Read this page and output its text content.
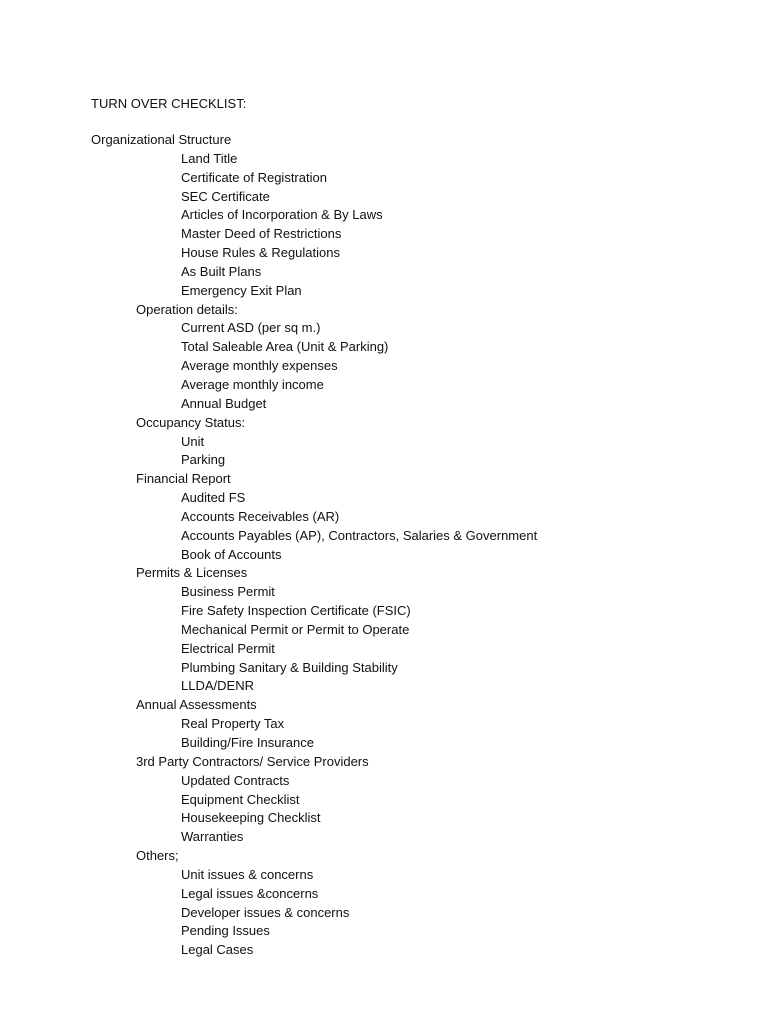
TURN OVER CHECKLIST:
Organizational Structure
Land Title
Certificate of Registration
SEC Certificate
Articles of Incorporation & By Laws
Master Deed of Restrictions
House Rules & Regulations
As Built Plans
Emergency Exit Plan
Operation details:
Current ASD (per sq m.)
Total Saleable Area (Unit & Parking)
Average monthly expenses
Average monthly income
Annual Budget
Occupancy Status:
Unit
Parking
Financial Report
Audited FS
Accounts Receivables (AR)
Accounts Payables (AP), Contractors, Salaries & Government
Book of Accounts
Permits & Licenses
Business Permit
Fire Safety Inspection Certificate (FSIC)
Mechanical Permit or Permit to Operate
Electrical Permit
Plumbing Sanitary & Building Stability
LLDA/DENR
Annual Assessments
Real Property Tax
Building/Fire Insurance
3rd Party Contractors/ Service Providers
Updated Contracts
Equipment Checklist
Housekeeping Checklist
Warranties
Others;
Unit issues & concerns
Legal issues &concerns
Developer issues & concerns
Pending Issues
Legal Cases
